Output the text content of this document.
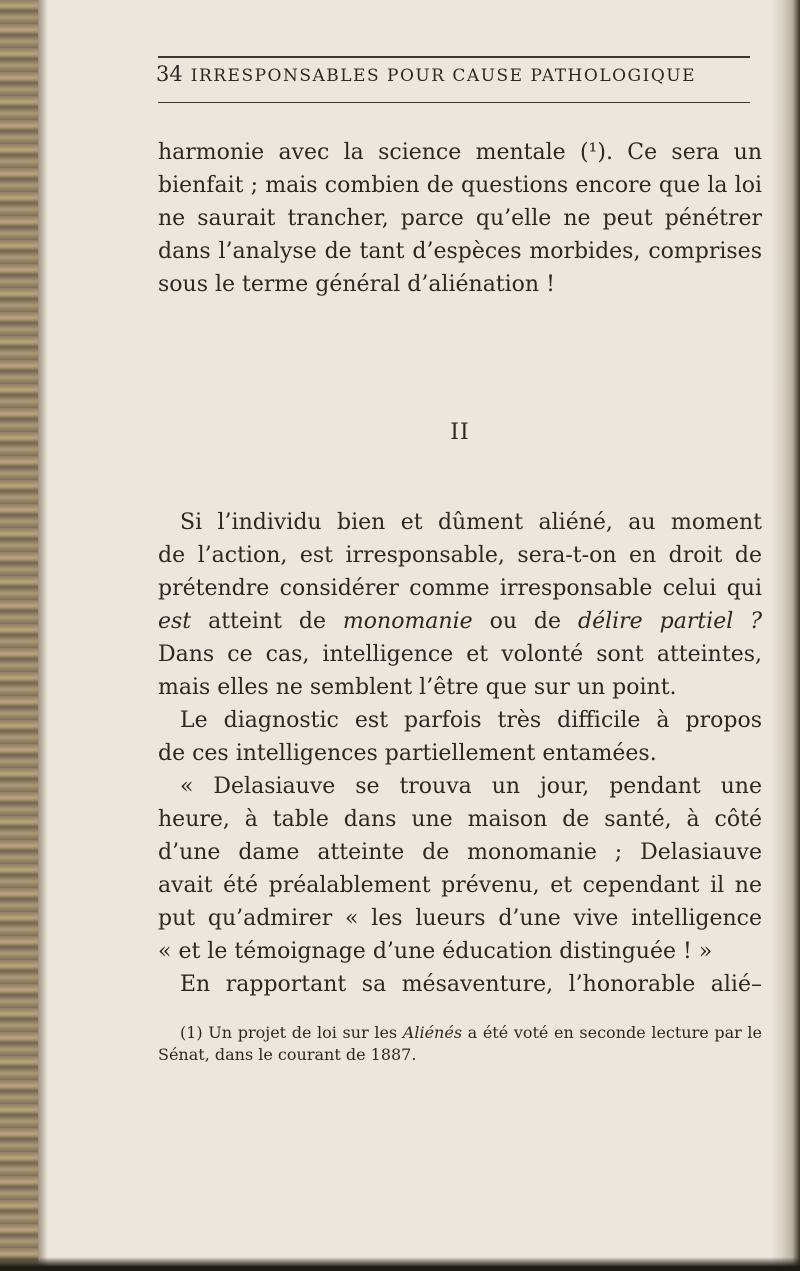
34 IRRESPONSABLES POUR CAUSE PATHOLOGIQUE
harmonie avec la science mentale (¹). Ce sera un
bienfait ; mais combien de questions encore que la loi
ne saurait trancher, parce qu’elle ne peut pénétrer
dans l’analyse de tant d’espèces morbides, comprises
sous le terme général d’aliénation !
II
Si l’individu bien et dûment aliéné, au moment
de l’action, est irresponsable, sera-t-on en droit de
prétendre considérer comme irresponsable celui qui
est atteint de monomanie ou de délire partiel ?
Dans ce cas, intelligence et volonté sont atteintes,
mais elles ne semblent l’être que sur un point.
Le diagnostic est parfois très difficile à propos
de ces intelligences partiellement entamées.
« Delasiauve se trouva un jour, pendant une
heure, à table dans une maison de santé, à côté
d’une dame atteinte de monomanie ; Delasiauve
avait été préalablement prévenu, et cependant il ne
put qu’admirer « les lueurs d’une vive intelligence
« et le témoignage d’une éducation distinguée ! »
En rapportant sa mésaventure, l’honorable alié–
(1) Un projet de loi sur les Aliénés a été voté en seconde lecture par le
Sénat, dans le courant de 1887.
